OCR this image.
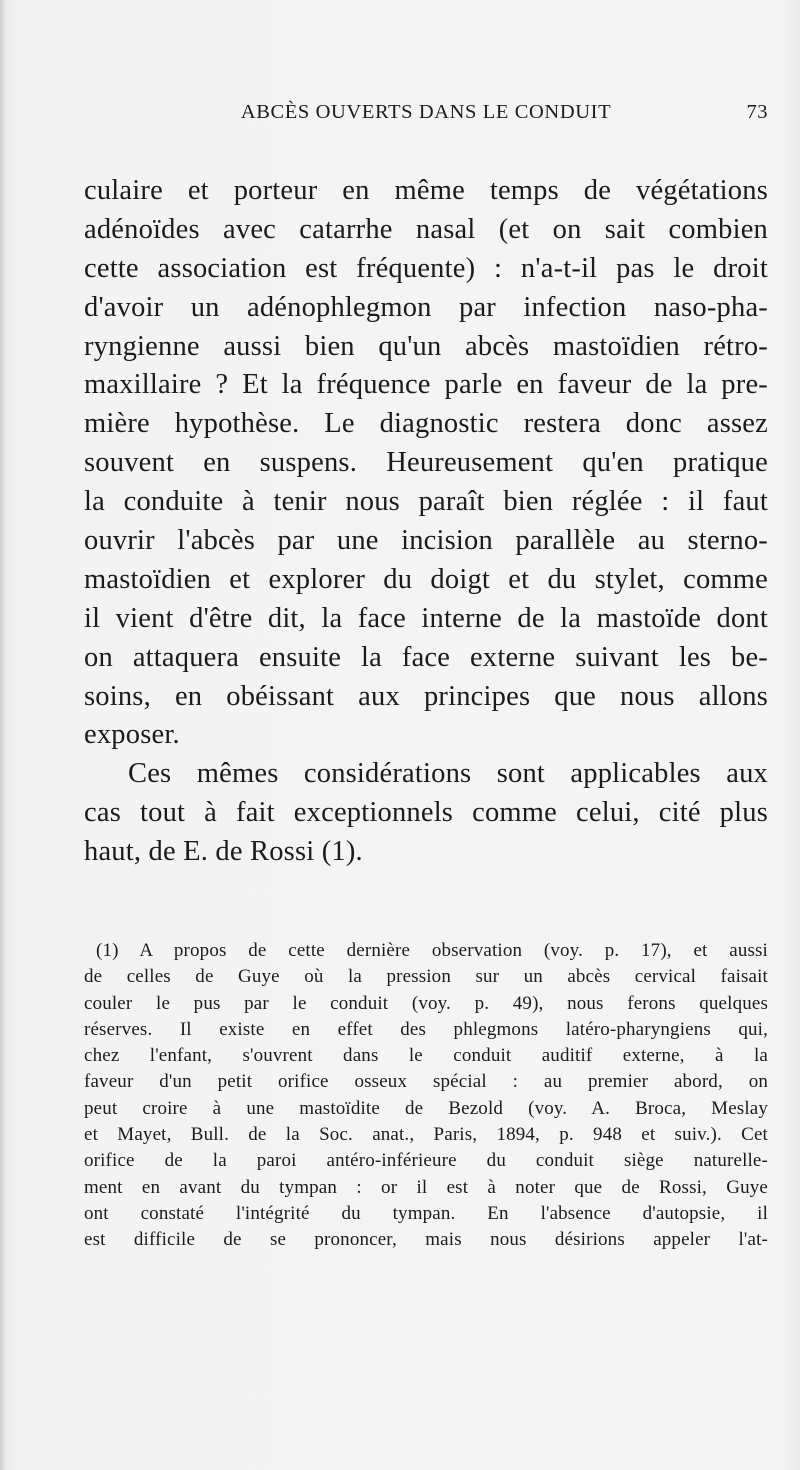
ABCÈS OUVERTS DANS LE CONDUIT	73
culaire et porteur en même temps de végétations
adénoïdes avec catarrhe nasal (et on sait combien
cette association est fréquente) : n'a-t-il pas le droit
d'avoir un adénophlegmon par infection naso-pha-
ryngienne aussi bien qu'un abcès mastoïdien rétro-
maxillaire ? Et la fréquence parle en faveur de la pre-
mière hypothèse. Le diagnostic restera donc assez
souvent en suspens. Heureusement qu'en pratique
la conduite à tenir nous paraît bien réglée : il faut
ouvrir l'abcès par une incision parallèle au sterno-
mastoïdien et explorer du doigt et du stylet, comme
il vient d'être dit, la face interne de la mastoïde dont
on attaquera ensuite la face externe suivant les be-
soins, en obéissant aux principes que nous allons
exposer.
Ces mêmes considérations sont applicables aux
cas tout à fait exceptionnels comme celui, cité plus
haut, de E. de Rossi (1).
(1) A propos de cette dernière observation (voy. p. 17), et aussi
de celles de Guye où la pression sur un abcès cervical faisait
couler le pus par le conduit (voy. p. 49), nous ferons quelques
réserves. Il existe en effet des phlegmons latéro-pharyngiens qui,
chez l'enfant, s'ouvrent dans le conduit auditif externe, à la
faveur d'un petit orifice osseux spécial : au premier abord, on
peut croire à une mastoïdite de Bezold (voy. A. Broca, Meslay
et Mayet, Bull. de la Soc. anat., Paris, 1894, p. 948 et suiv.). Cet
orifice de la paroi antéro-inférieure du conduit siège naturelle-
ment en avant du tympan : or il est à noter que de Rossi, Guye
ont constaté l'intégrité du tympan. En l'absence d'autopsie, il
est difficile de se prononcer, mais nous désirions appeler l'at-
